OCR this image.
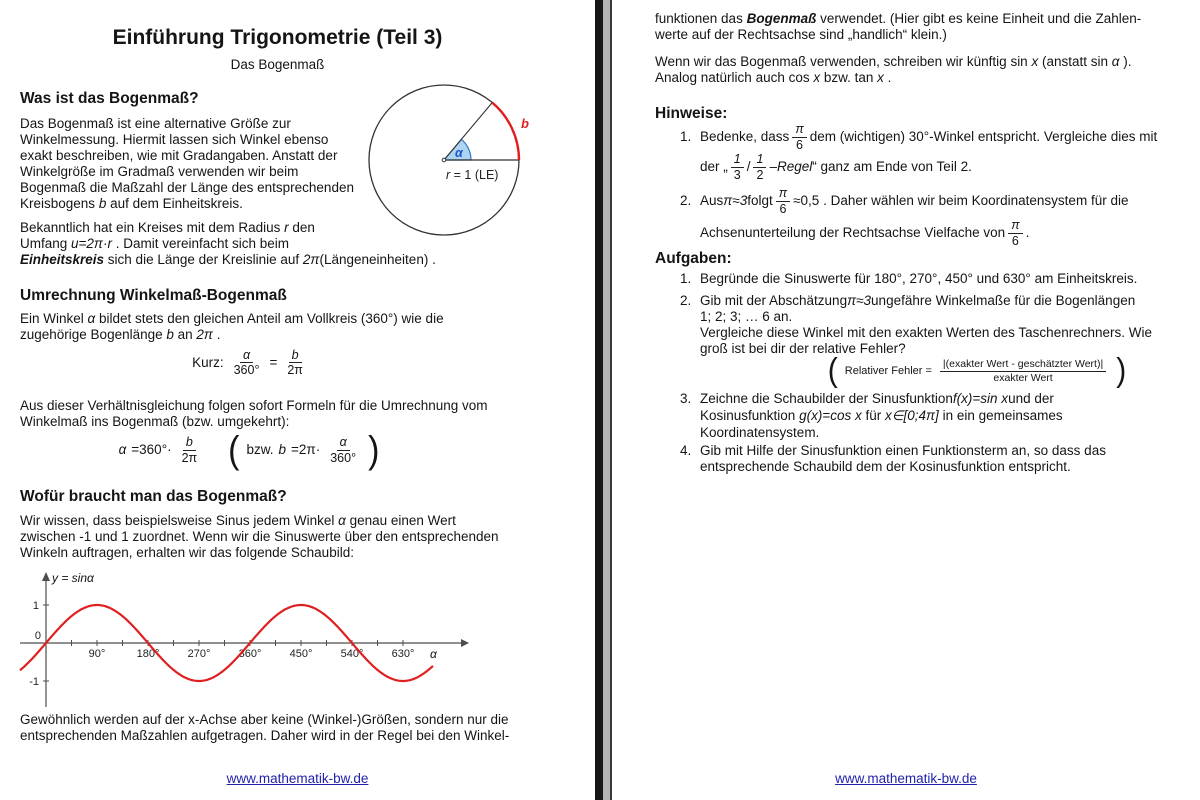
Einführung Trigonometrie (Teil 3)
Das Bogenmaß
Was ist das Bogenmaß?
Das Bogenmaß ist eine alternative Größe zur
Winkelmessung. Hiermit lassen sich Winkel ebenso
exakt beschreiben, wie mit Gradangaben. Anstatt der
Winkelgröße im Gradmaß verwenden wir beim
Bogenmaß die Maßzahl der Länge des entsprechenden
Kreisbogens b auf dem Einheitskreis.
α
b
r = 1 (LE)
Bekanntlich hat ein Kreises mit dem Radius r den
Umfang u=2π·r . Damit vereinfacht sich beim
Einheitskreis sich die Länge der Kreislinie auf 2π(Längeneinheiten) .
Umrechnung Winkelmaß-Bogenmaß
Ein Winkel α bildet stets den gleichen Anteil am Vollkreis (360°) wie die
zugehörige Bogenlänge b an 2π .
Kurz: $\frac{\alpha}{360^\circ} = \frac{b}{2\pi}$
Aus dieser Verhältnisgleichung folgen sofort Formeln für die Umrechnung vom
Winkelmaß ins Bogenmaß (bzw. umgekehrt):
$\alpha =360^\circ\cdot \frac{b}{2\pi}$ ( bzw. $b =2\pi\cdot \frac{\alpha}{360^\circ}$ )
Wofür braucht man das Bogenmaß?
Wir wissen, dass beispielsweise Sinus jedem Winkel α genau einen Wert
zwischen -1 und 1 zuordnet. Wenn wir die Sinuswerte über den entsprechenden
Winkeln auftragen, erhalten wir das folgende Schaubild:
y = sinα
α
90°	180°	270°	360°	450°	540°	630°
1
0
-1
Gewöhnlich werden auf der x-Achse aber keine (Winkel-)Größen, sondern nur die
entsprechenden Maßzahlen aufgetragen. Daher wird in der Regel bei den Winkel-
www.mathematik-bw.de
funktionen das Bogenmaß verwendet. (Hier gibt es keine Einheit und die Zahlen-
werte auf der Rechtsachse sind „handlich“ klein.)
Wenn wir das Bogenmaß verwenden, schreiben wir künftig sin x (anstatt sin α ).
Analog natürlich auch cos x bzw. tan x .
Hinweise:
1. Bedenke, dass $\frac{\pi}{6}$ dem (wichtigen) 30°-Winkel entspricht. Vergleiche dies mit
der „ $\frac{1}{3} / \frac{1}{2}$ – Regel “ ganz am Ende von Teil 2.
2. Aus π≈3 folgt $\frac{\pi}{6} \approx 0,5$ . Daher wählen wir beim Koordinatensystem für die
Achsenunterteilung der Rechtsachse Vielfache von $\frac{\pi}{6}$ .
Aufgaben:
1. Begründe die Sinuswerte für 180°, 270°, 450° und 630° am Einheitskreis.
2. Gib mit der Abschätzung π≈3 ungefähre Winkelmaße für die Bogenlängen
1; 2; 3; … 6 an.
Vergleiche diese Winkel mit den exakten Werten des Taschenrechners. Wie
groß ist bei dir der relative Fehler?
( Relativer Fehler = $\frac{\text{|(exakter Wert - geschätzter Wert)|}}{\text{exakter Wert}}$ )
3. Zeichne die Schaubilder der Sinusfunktion f(x)=sin x und der
Kosinusfunktion g(x)=cos x für x∈[0;4π] in ein gemeinsames
Koordinatensystem.
4. Gib mit Hilfe der Sinusfunktion einen Funktionsterm an, so dass das
entsprechende Schaubild dem der Kosinusfunktion entspricht.
www.mathematik-bw.de
